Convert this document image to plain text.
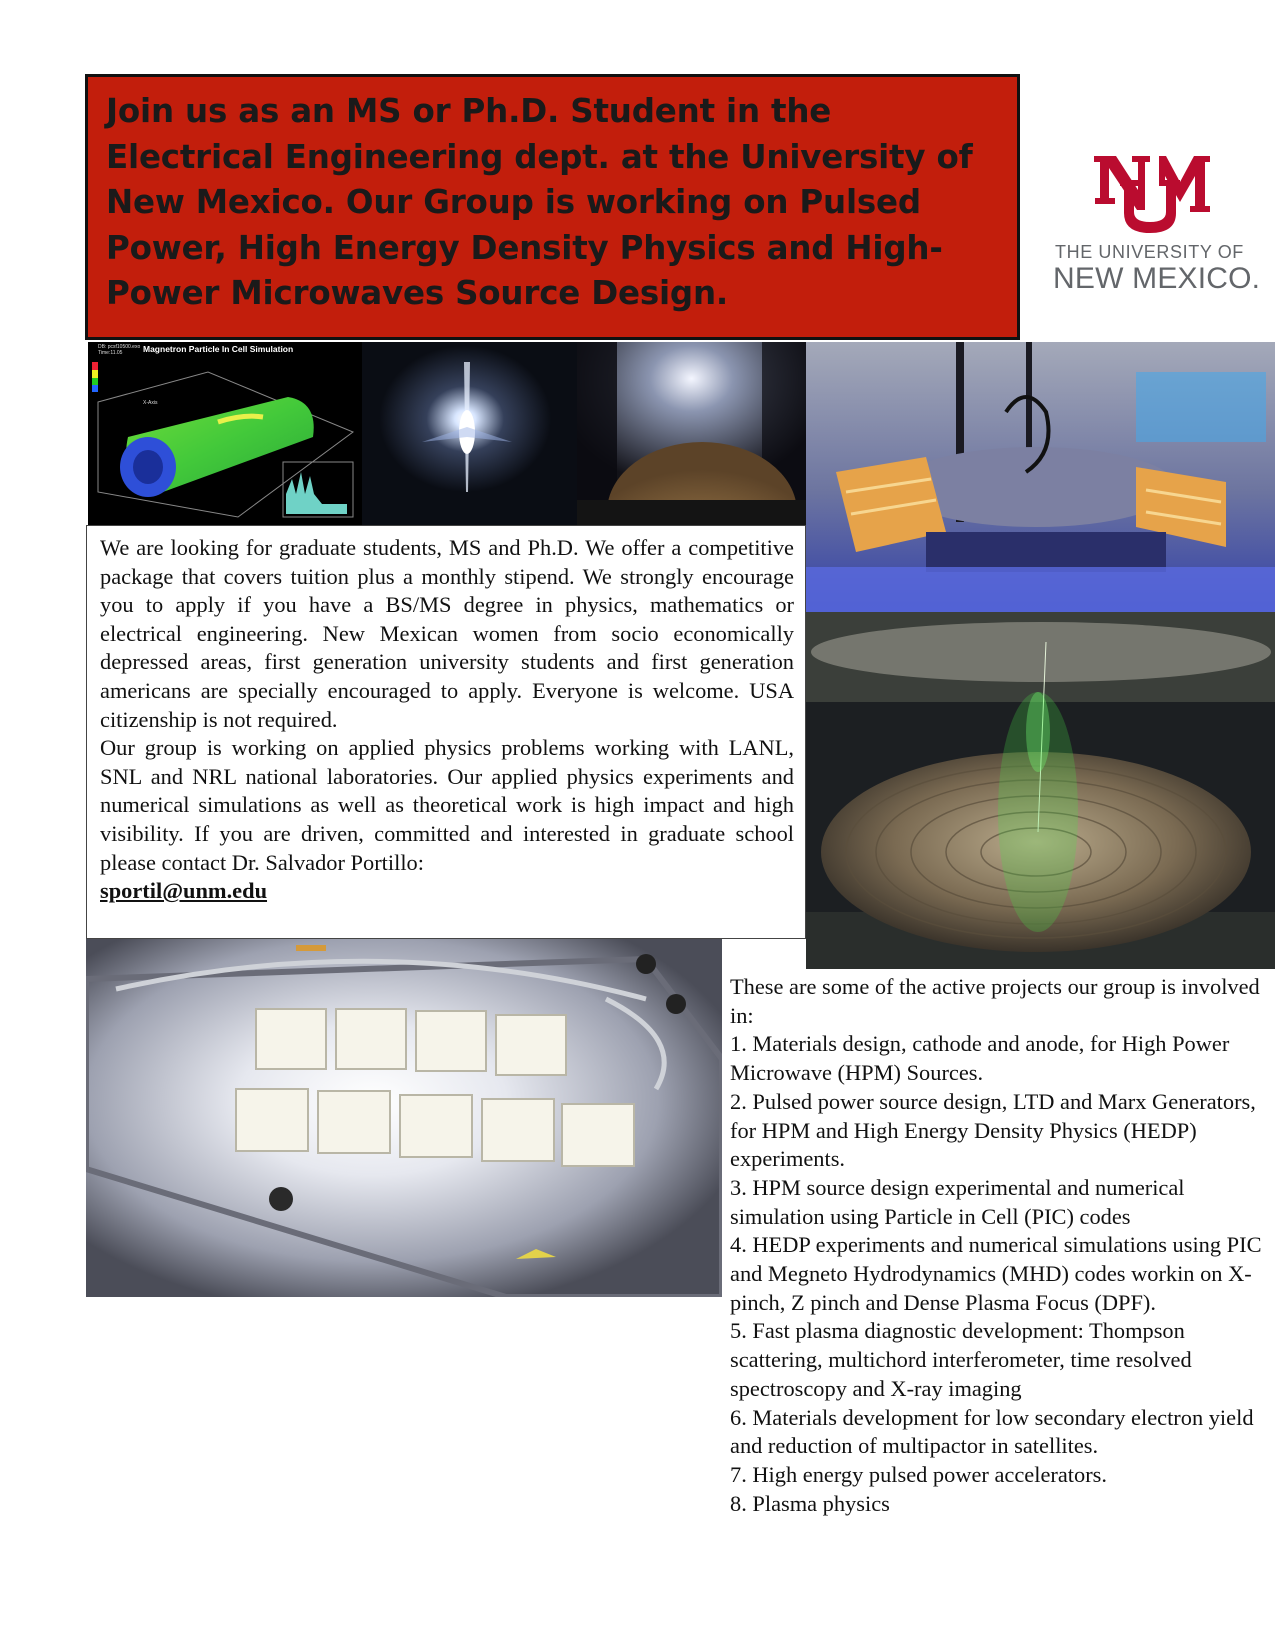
Join us as an MS or Ph.D. Student in the Electrical Engineering dept. at the University of New Mexico. Our Group is working on Pulsed Power, High Energy Density Physics and High-Power Microwaves Source Design.

THE UNIVERSITY OF
NEW MEXICO.
DB: pcsf10500.exo
Time:11.05 Magnetron Particle In Cell Simulation
X-Axis

We are looking for graduate students, MS and Ph.D. We offer a competitive package that covers tuition plus a monthly stipend. We strongly encourage you to apply if you have a BS/MS degree in physics, mathematics or electrical engineering. New Mexican women from socio economically depressed areas, first generation university students and first generation americans are specially encouraged to apply. Everyone is welcome. USA citizenship is not required.

Our group is working on applied physics problems working with LANL, SNL and NRL national laboratories. Our applied physics experiments and numerical simulations as well as theoretical work is high impact and high visibility. If you are driven, committed and interested in graduate school please contact Dr. Salvador Portillo:
sportil@unm.edu

These are some of the active projects our group is involved in:

1. Materials design, cathode and anode, for High Power Microwave (HPM) Sources.

2. Pulsed power source design, LTD and Marx Generators, for HPM and High Energy Density Physics (HEDP) experiments.

3. HPM source design experimental and numerical simulation using Particle in Cell (PIC) codes

4. HEDP experiments and numerical simulations using PIC and Megneto Hydrodynamics (MHD) codes workin on X-pinch, Z pinch and Dense Plasma Focus (DPF).

5. Fast plasma diagnostic development: Thompson scattering, multichord interferometer, time resolved spectroscopy and X-ray imaging

6. Materials development for low secondary electron yield and reduction of multipactor in satellites.

7. High energy pulsed power accelerators.

8. Plasma physics
